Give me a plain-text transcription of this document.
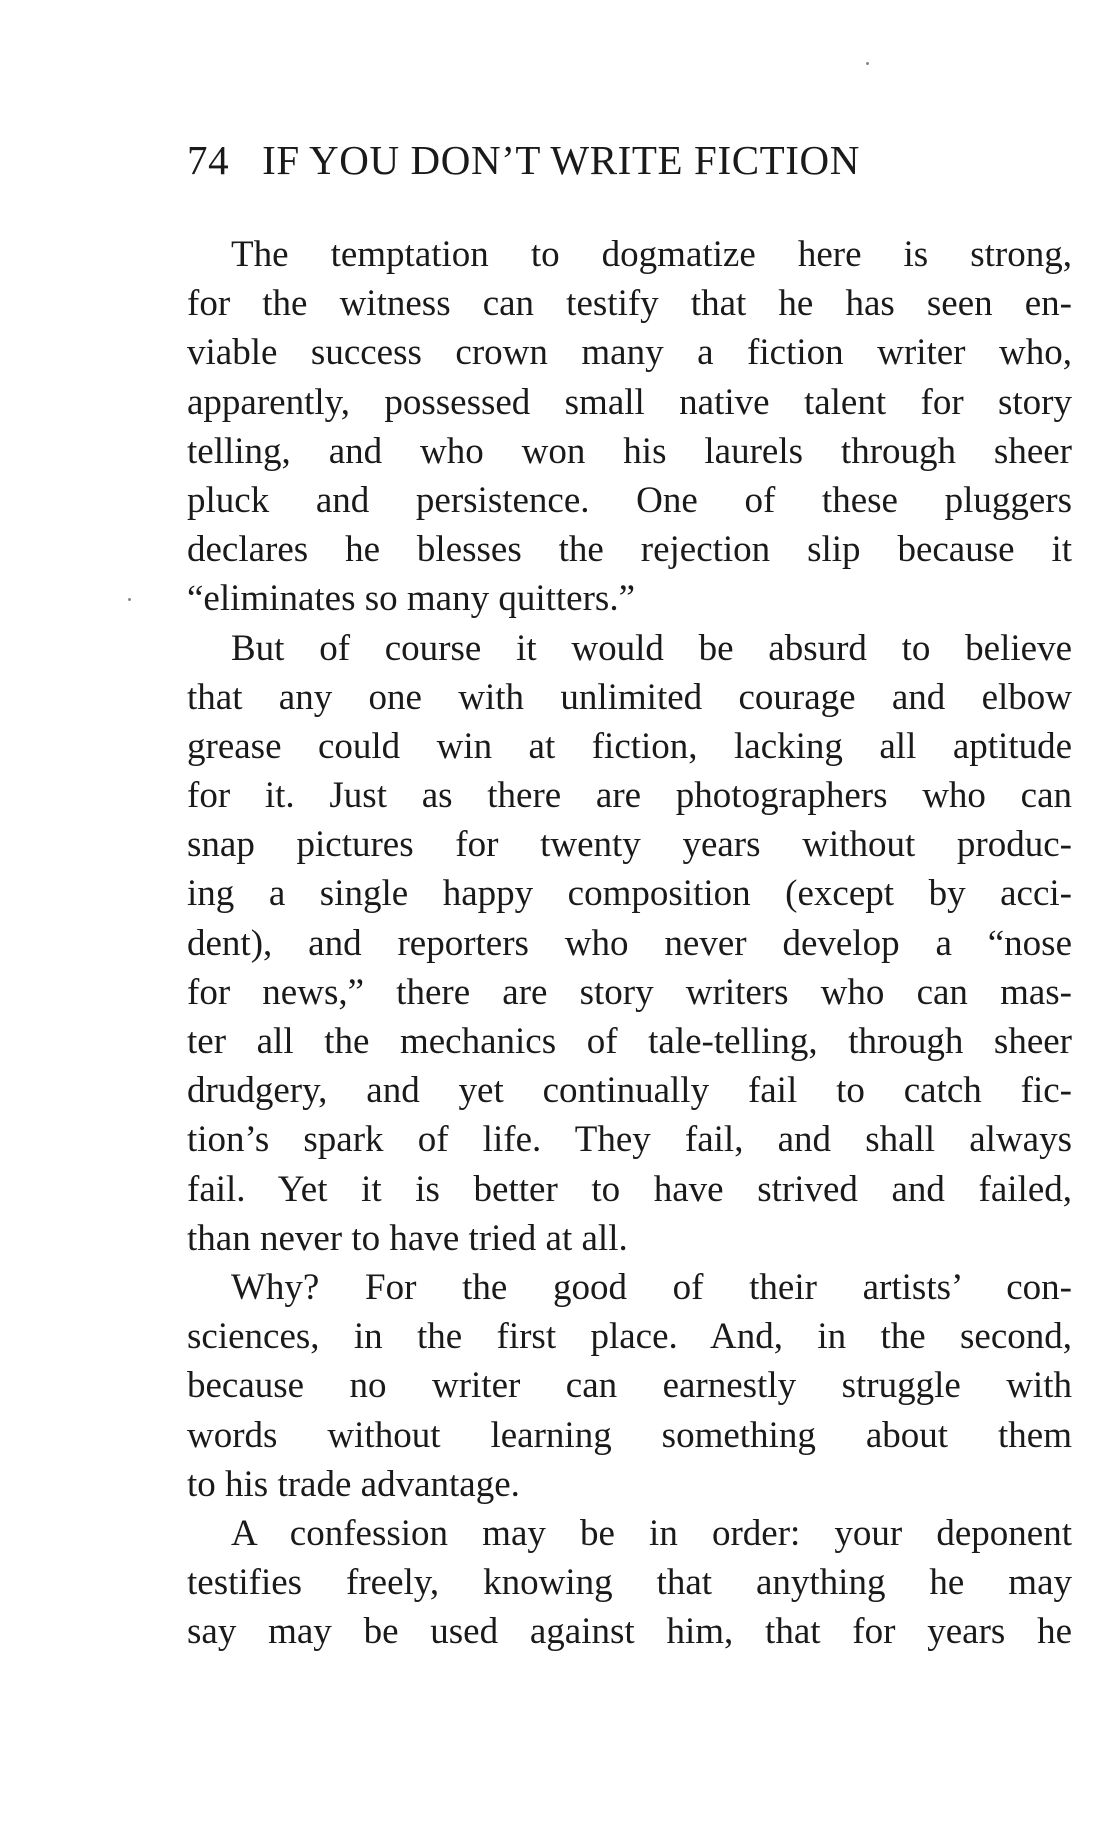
74 IF YOU DON’T WRITE FICTION
The temptation to dogmatize here is strong,
for the witness can testify that he has seen en-
viable success crown many a fiction writer who,
apparently, possessed small native talent for story
telling, and who won his laurels through sheer
pluck and persistence. One of these pluggers
declares he blesses the rejection slip because it
“eliminates so many quitters.”
But of course it would be absurd to believe
that any one with unlimited courage and elbow
grease could win at fiction, lacking all aptitude
for it. Just as there are photographers who can
snap pictures for twenty years without produc-
ing a single happy composition (except by acci-
dent), and reporters who never develop a “nose
for news,” there are story writers who can mas-
ter all the mechanics of tale-telling, through sheer
drudgery, and yet continually fail to catch fic-
tion’s spark of life. They fail, and shall always
fail. Yet it is better to have strived and failed,
than never to have tried at all.
Why? For the good of their artists’ con-
sciences, in the first place. And, in the second,
because no writer can earnestly struggle with
words without learning something about them
to his trade advantage.
A confession may be in order: your deponent
testifies freely, knowing that anything he may
say may be used against him, that for years he
